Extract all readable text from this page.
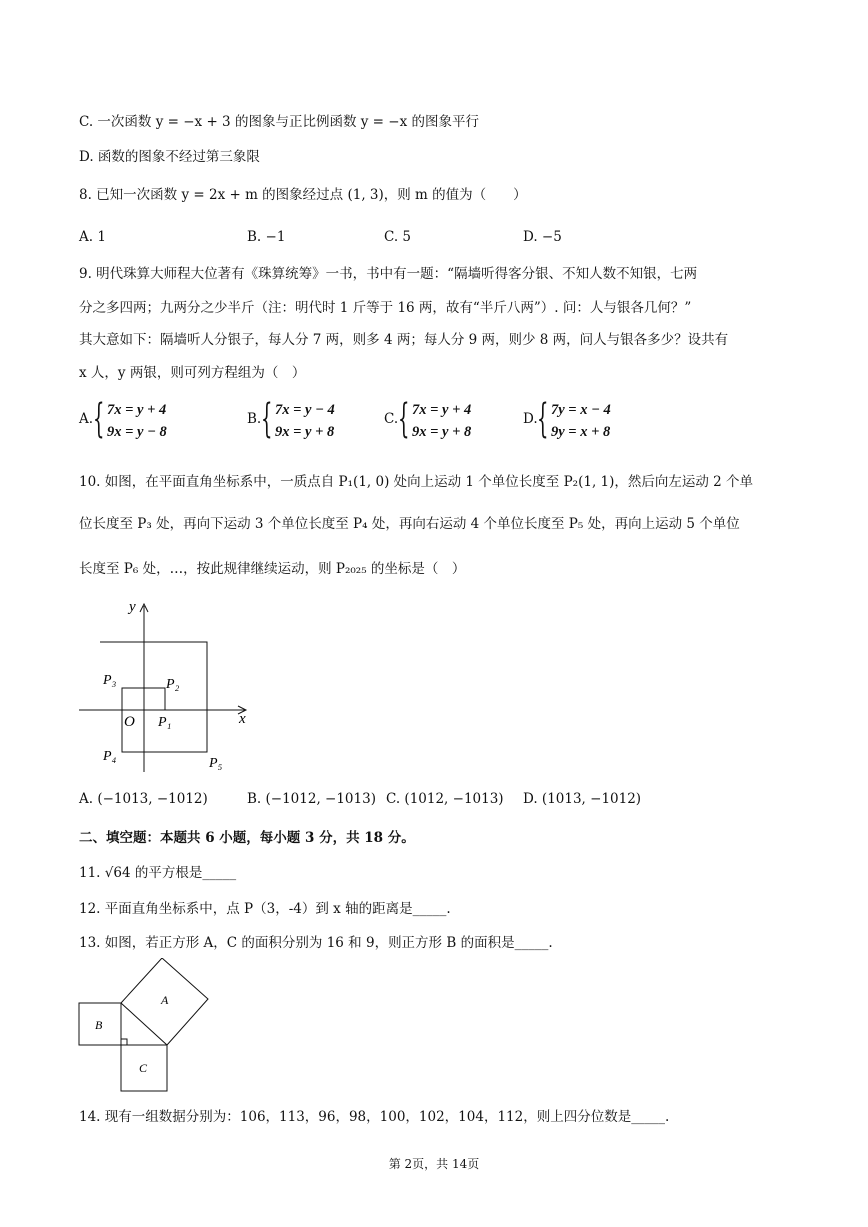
C. 一次函数 y = −x + 3 的图象与正比例函数 y = −x 的图象平行
D. 函数的图象不经过第三象限
8. 已知一次函数 y = 2x + m 的图象经过点 (1, 3)，则 m 的值为（　　）
A. 1	B. −1	C. 5	D. −5
9. 明代珠算大师程大位著有《珠算统筹》一书，书中有一题：“隔墙听得客分银、不知人数不知银，七两
分之多四两；九两分之少半斤（注：明代时 1 斤等于 16 两，故有“半斤八两”）. 问：人与银各几何？”
其大意如下：隔墙听人分银子，每人分 7 两，则多 4 两；每人分 9 两，则少 8 两，问人与银各多少？设共有
x 人，y 两银，则可列方程组为（　）
A. { 7x = y + 4
9x = y − 8
B. { 7x = y − 4
9x = y + 8
C. { 7x = y + 4
9x = y + 8
D. { 7y = x − 4
9y = x + 8
10. 如图，在平面直角坐标系中，一质点自 P₁(1, 0) 处向上运动 1 个单位长度至 P₂(1, 1)，然后向左运动 2 个单
位长度至 P₃ 处，再向下运动 3 个单位长度至 P₄ 处，再向右运动 4 个单位长度至 P₅ 处，再向上运动 5 个单位
长度至 P₆ 处，…，按此规律继续运动，则 P₂₀₂₅ 的坐标是（　）
y
x
O P₁
P₂
P₃
P₄	P₅
A. (−1013, −1012)	B. (−1012, −1013) C. (1012, −1013) D. (1013, −1012)
二、填空题：本题共 6 小题，每小题 3 分，共 18 分。
11. √64 的平方根是_____
12. 平面直角坐标系中，点 P（3，-4）到 x 轴的距离是_____.
13. 如图，若正方形 A，C 的面积分别为 16 和 9，则正方形 B 的面积是_____.
A
B
C
14. 现有一组数据分别为：106，113，96，98，100，102，104，112，则上四分位数是_____.
第 2页，共 14页
